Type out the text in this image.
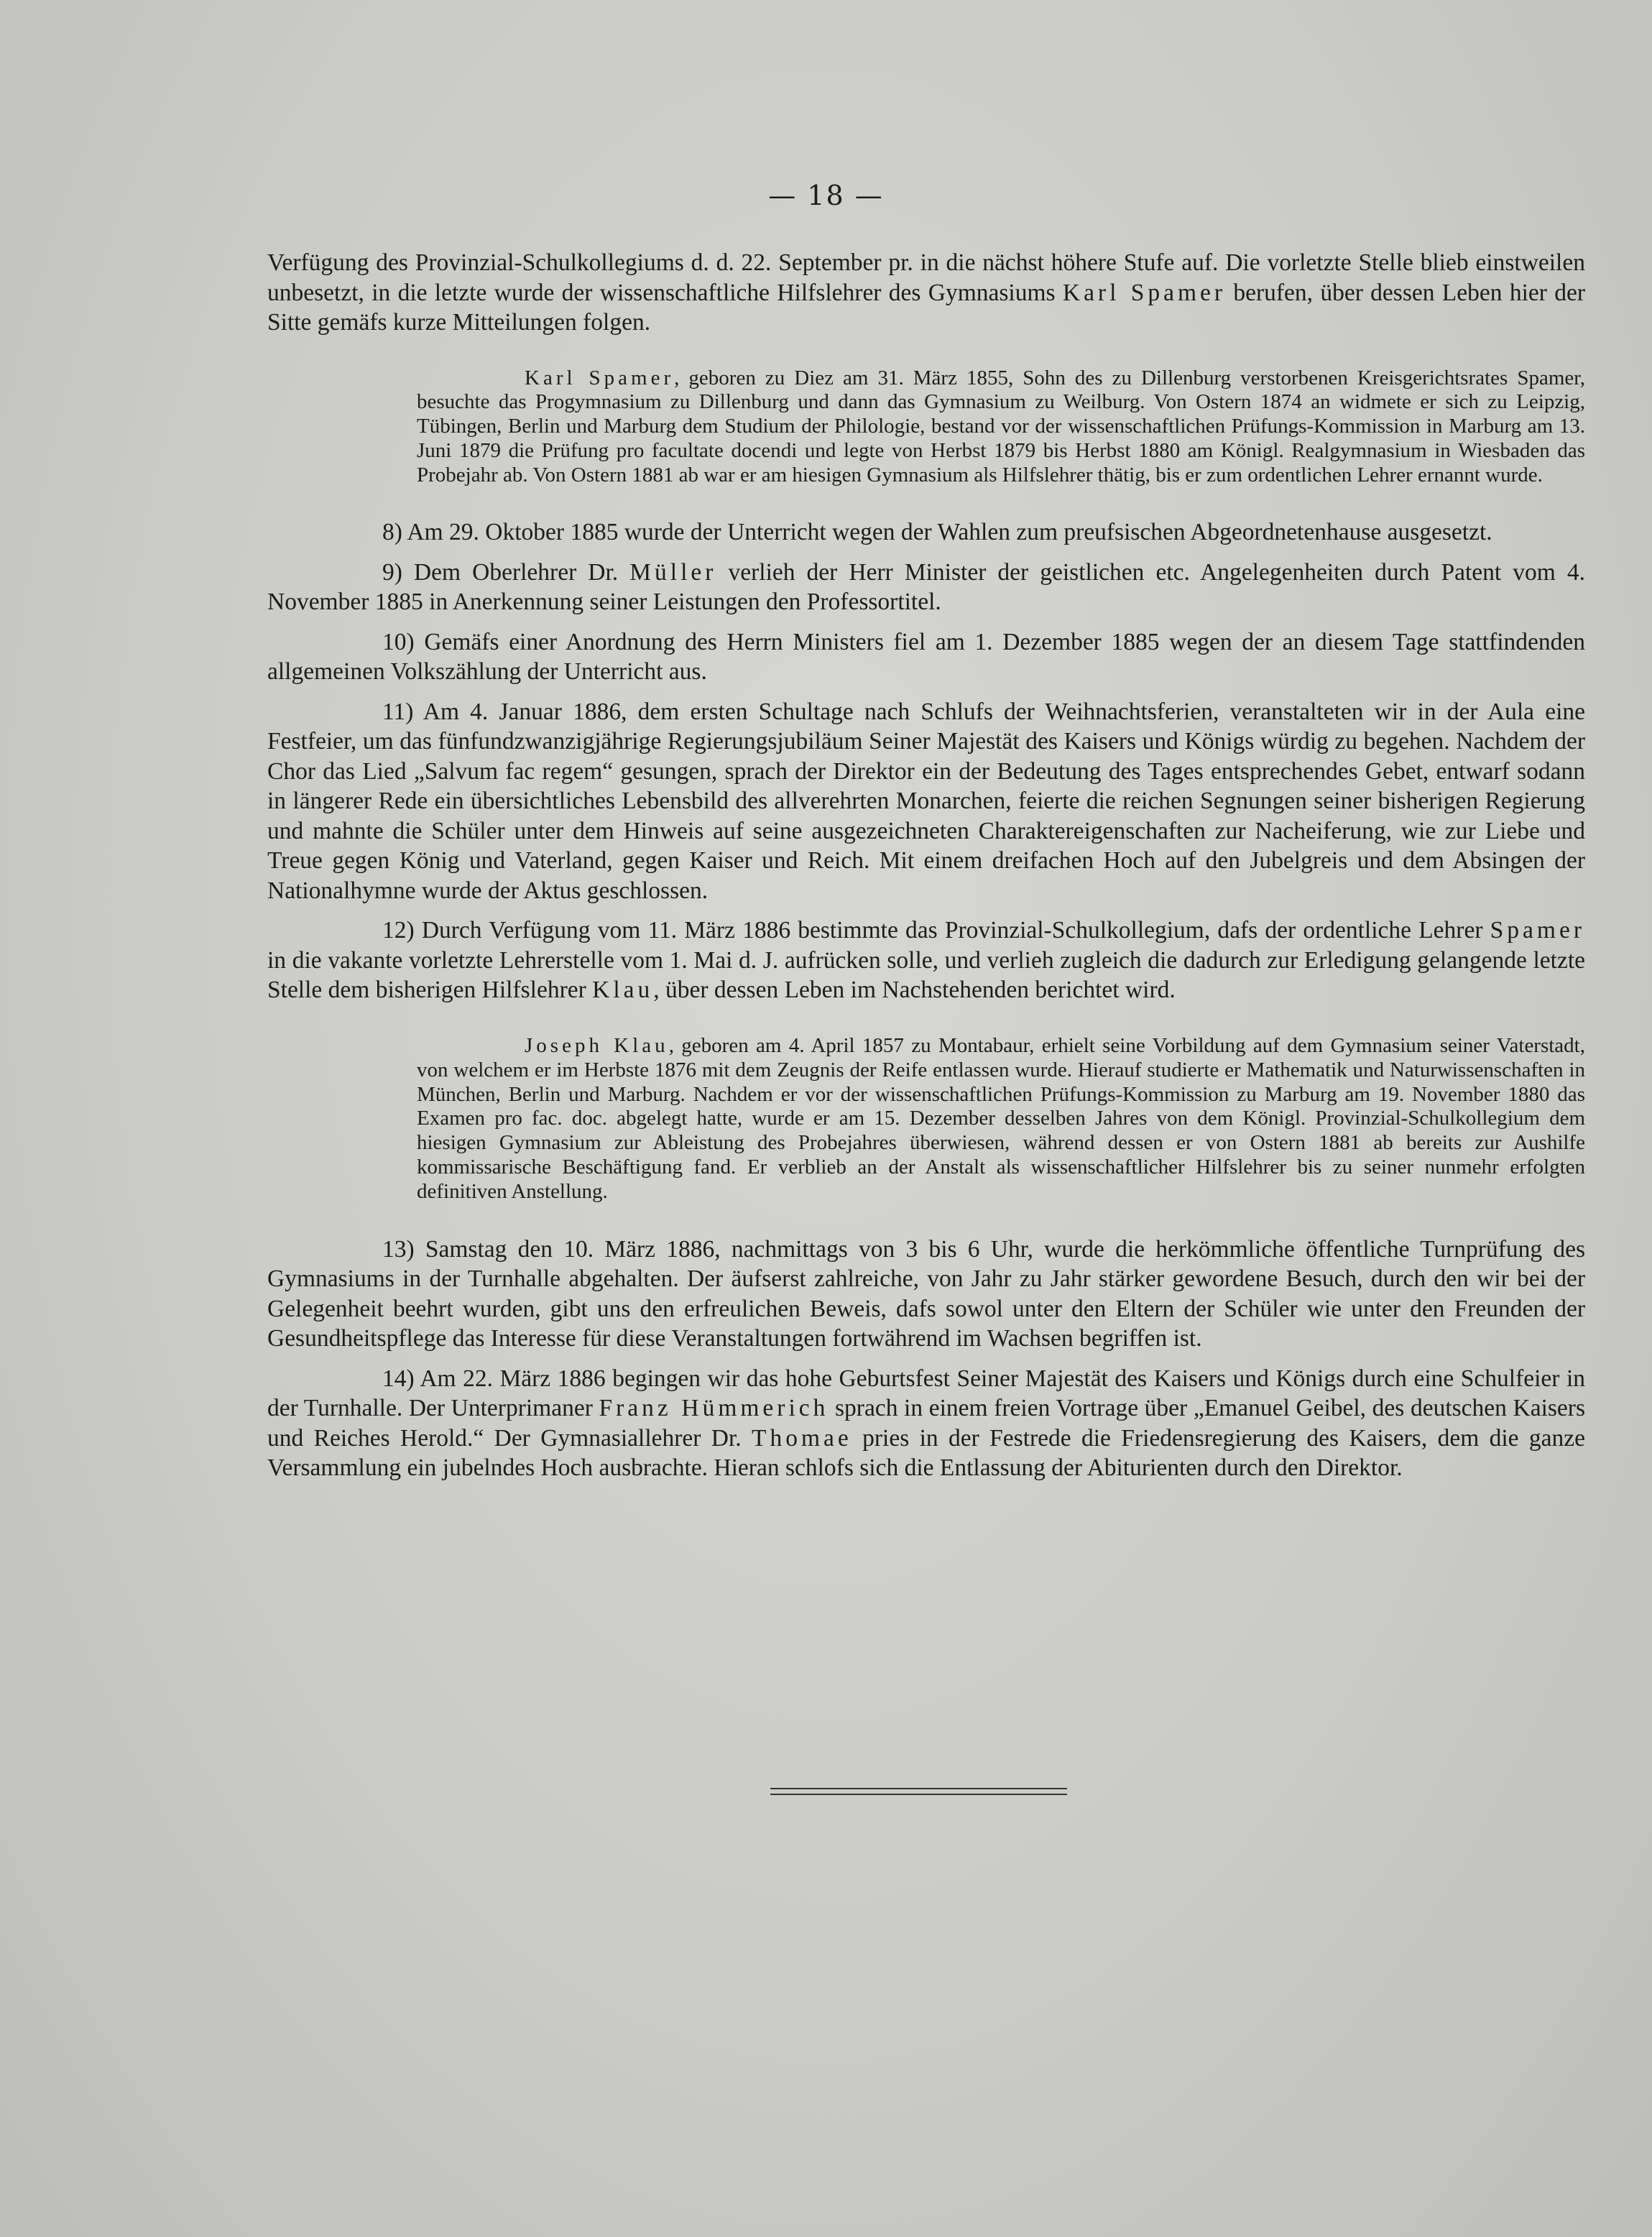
— 18 —

Verfügung des Provinzial-Schulkollegiums d. d. 22. September pr. in die nächst höhere Stufe auf. Die vorletzte Stelle blieb einstweilen unbesetzt, in die letzte wurde der wissenschaftliche Hilfslehrer des Gymnasiums Karl Spamer berufen, über dessen Leben hier der Sitte gemäfs kurze Mitteilungen folgen.

Karl Spamer, geboren zu Diez am 31. März 1855, Sohn des zu Dillenburg verstorbenen Kreisgerichtsrates Spamer, besuchte das Progymnasium zu Dillenburg und dann das Gymnasium zu Weilburg. Von Ostern 1874 an widmete er sich zu Leipzig, Tübingen, Berlin und Marburg dem Studium der Philologie, bestand vor der wissenschaftlichen Prüfungs-Kommission in Marburg am 13. Juni 1879 die Prüfung pro facultate docendi und legte von Herbst 1879 bis Herbst 1880 am Königl. Realgymnasium in Wiesbaden das Probejahr ab. Von Ostern 1881 ab war er am hiesigen Gymnasium als Hilfslehrer thätig, bis er zum ordentlichen Lehrer ernannt wurde.

8) Am 29. Oktober 1885 wurde der Unterricht wegen der Wahlen zum preufsischen Abgeordnetenhause ausgesetzt.

9) Dem Oberlehrer Dr. Müller verlieh der Herr Minister der geistlichen etc. Angelegenheiten durch Patent vom 4. November 1885 in Anerkennung seiner Leistungen den Professortitel.

10) Gemäfs einer Anordnung des Herrn Ministers fiel am 1. Dezember 1885 wegen der an diesem Tage stattfindenden allgemeinen Volkszählung der Unterricht aus.

11) Am 4. Januar 1886, dem ersten Schultage nach Schlufs der Weihnachtsferien, veranstalteten wir in der Aula eine Festfeier, um das fünfundzwanzigjährige Regierungsjubiläum Seiner Majestät des Kaisers und Königs würdig zu begehen. Nachdem der Chor das Lied „Salvum fac regem“ gesungen, sprach der Direktor ein der Bedeutung des Tages entsprechendes Gebet, entwarf sodann in längerer Rede ein übersichtliches Lebensbild des allverehrten Monarchen, feierte die reichen Segnungen seiner bisherigen Regierung und mahnte die Schüler unter dem Hinweis auf seine ausgezeichneten Charaktereigenschaften zur Nacheiferung, wie zur Liebe und Treue gegen König und Vaterland, gegen Kaiser und Reich. Mit einem dreifachen Hoch auf den Jubelgreis und dem Absingen der Nationalhymne wurde der Aktus geschlossen.

12) Durch Verfügung vom 11. März 1886 bestimmte das Provinzial-Schulkollegium, dafs der ordentliche Lehrer Spamer in die vakante vorletzte Lehrerstelle vom 1. Mai d. J. aufrücken solle, und verlieh zugleich die dadurch zur Erledigung gelangende letzte Stelle dem bisherigen Hilfslehrer Klau, über dessen Leben im Nachstehenden berichtet wird.

Joseph Klau, geboren am 4. April 1857 zu Montabaur, erhielt seine Vorbildung auf dem Gymnasium seiner Vaterstadt, von welchem er im Herbste 1876 mit dem Zeugnis der Reife entlassen wurde. Hierauf studierte er Mathematik und Naturwissenschaften in München, Berlin und Marburg. Nachdem er vor der wissenschaftlichen Prüfungs-Kommission zu Marburg am 19. November 1880 das Examen pro fac. doc. abgelegt hatte, wurde er am 15. Dezember desselben Jahres von dem Königl. Provinzial-Schulkollegium dem hiesigen Gymnasium zur Ableistung des Probejahres überwiesen, während dessen er von Ostern 1881 ab bereits zur Aushilfe kommissarische Beschäftigung fand. Er verblieb an der Anstalt als wissenschaftlicher Hilfslehrer bis zu seiner nunmehr erfolgten definitiven Anstellung.

13) Samstag den 10. März 1886, nachmittags von 3 bis 6 Uhr, wurde die herkömmliche öffentliche Turnprüfung des Gymnasiums in der Turnhalle abgehalten. Der äufserst zahlreiche, von Jahr zu Jahr stärker gewordene Besuch, durch den wir bei der Gelegenheit beehrt wurden, gibt uns den erfreulichen Beweis, dafs sowol unter den Eltern der Schüler wie unter den Freunden der Gesundheitspflege das Interesse für diese Veranstaltungen fortwährend im Wachsen begriffen ist.

14) Am 22. März 1886 begingen wir das hohe Geburtsfest Seiner Majestät des Kaisers und Königs durch eine Schulfeier in der Turnhalle. Der Unterprimaner Franz Hümmerich sprach in einem freien Vortrage über „Emanuel Geibel, des deutschen Kaisers und Reiches Herold.“ Der Gymnasiallehrer Dr. Thomae pries in der Festrede die Friedensregierung des Kaisers, dem die ganze Versammlung ein jubelndes Hoch ausbrachte. Hieran schlofs sich die Entlassung der Abiturienten durch den Direktor.
